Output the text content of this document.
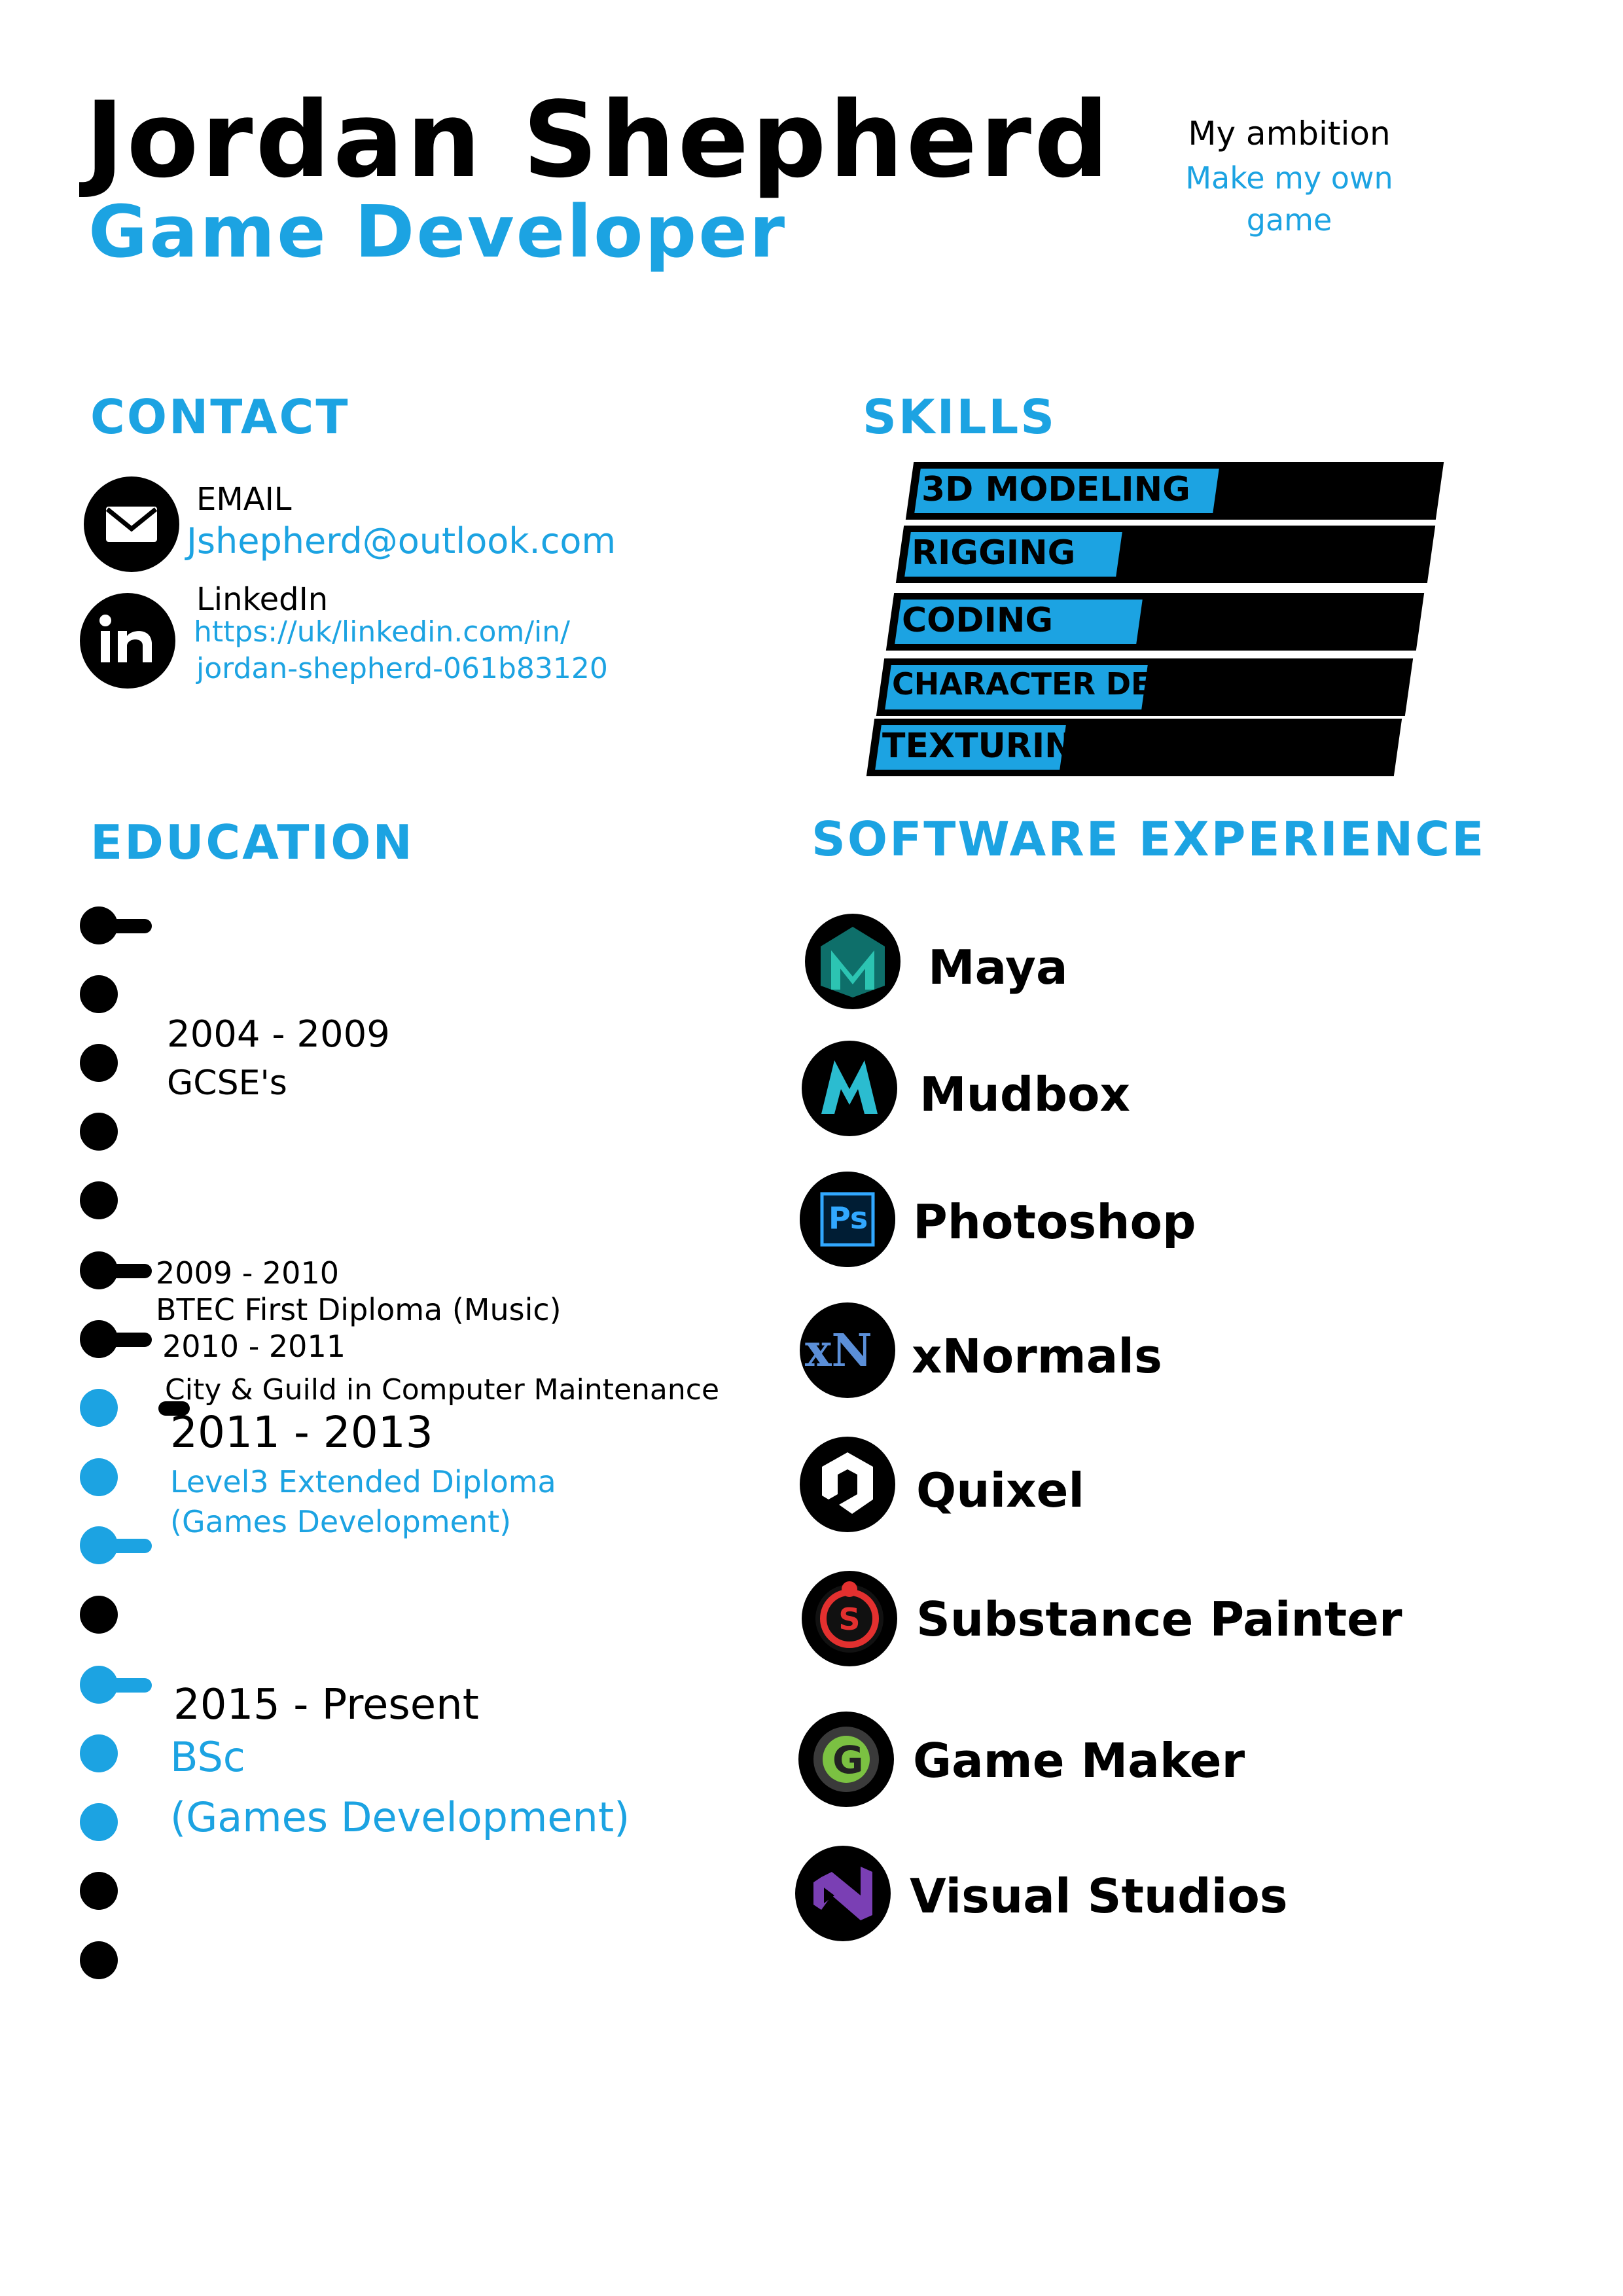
Jordan Shepherd
Game Developer
My ambition
Make my own
game
CONTACT
EMAIL
Jshepherd@outlook.com
LinkedIn
https://uk/linkedin.com/in/
jordan-shepherd-061b83120
SKILLS
3D MODELING
RIGGING
CODING
CHARACTER DESIGN
TEXTURING
EDUCATION
2004 - 2009
GCSE's
2009 - 2010
BTEC First Diploma (Music)
2010 - 2011
City & Guild in Computer Maintenance
2011 - 2013
Level3 Extended Diploma
(Games Development)
2015 - Present
BSc
(Games Development)
SOFTWARE EXPERIENCE
Maya
Mudbox
Ps Photoshop
xN xNormals
Quixel
S Substance Painter
G Game Maker
Visual Studios
